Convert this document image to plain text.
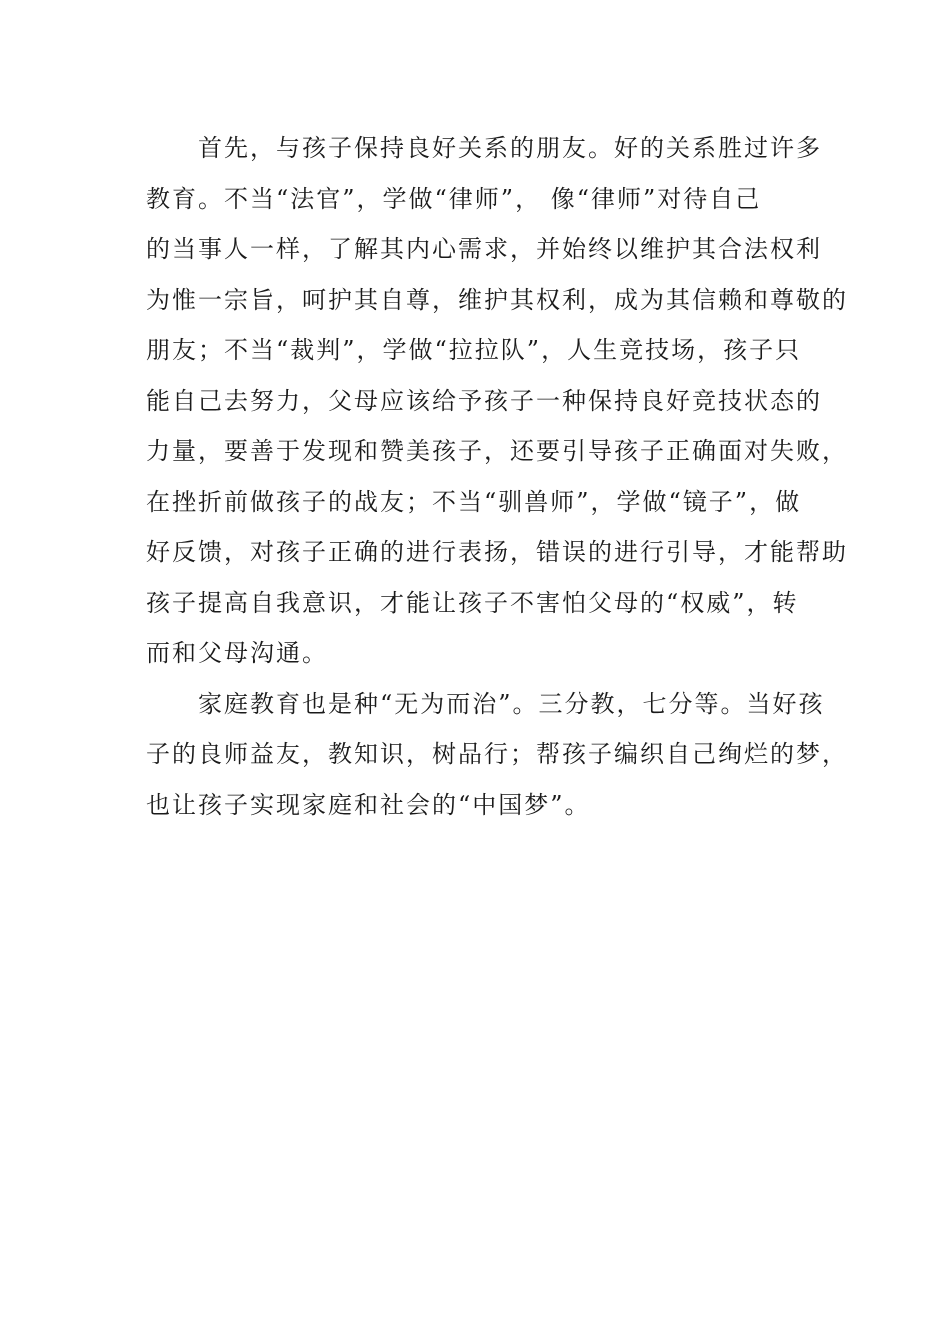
首先，与孩子保持良好关系的朋友。好的关系胜过许多
教育。不当“法官”，学做“律师”， 像“律师”对待自己
的当事人一样，了解其内心需求，并始终以维护其合法权利
为惟一宗旨，呵护其自尊，维护其权利，成为其信赖和尊敬的
朋友；不当“裁判”，学做“拉拉队”，人生竞技场，孩子只
能自己去努力，父母应该给予孩子一种保持良好竞技状态的
力量，要善于发现和赞美孩子，还要引导孩子正确面对失败，
在挫折前做孩子的战友；不当“驯兽师”，学做“镜子”，做
好反馈，对孩子正确的进行表扬，错误的进行引导，才能帮助
孩子提高自我意识，才能让孩子不害怕父母的“权威”，转
而和父母沟通。

家庭教育也是种“无为而治”。三分教，七分等。当好孩
子的良师益友，教知识，树品行；帮孩子编织自己绚烂的梦，
也让孩子实现家庭和社会的“中国梦”。
